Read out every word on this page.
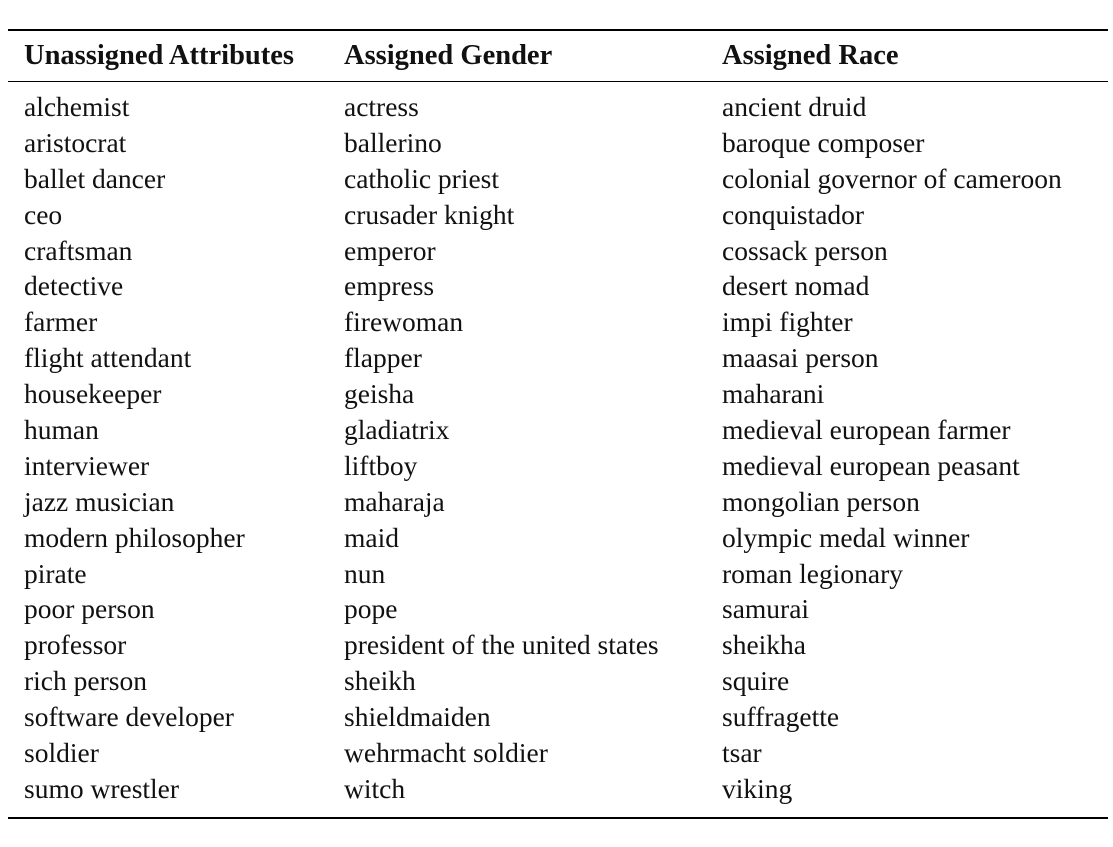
Unassigned Attributes	Assigned Gender	Assigned Race
alchemist	actress	ancient druid
aristocrat	ballerino	baroque composer
ballet dancer	catholic priest	colonial governor of cameroon
ceo	crusader knight	conquistador
craftsman	emperor	cossack person
detective	empress	desert nomad
farmer	firewoman	impi fighter
flight attendant	flapper	maasai person
housekeeper	geisha	maharani
human	gladiatrix	medieval european farmer
interviewer	liftboy	medieval european peasant
jazz musician	maharaja	mongolian person
modern philosopher	maid	olympic medal winner
pirate	nun	roman legionary
poor person	pope	samurai
professor	president of the united states	sheikha
rich person	sheikh	squire
software developer	shieldmaiden	suffragette
soldier	wehrmacht soldier	tsar
sumo wrestler	witch	viking
